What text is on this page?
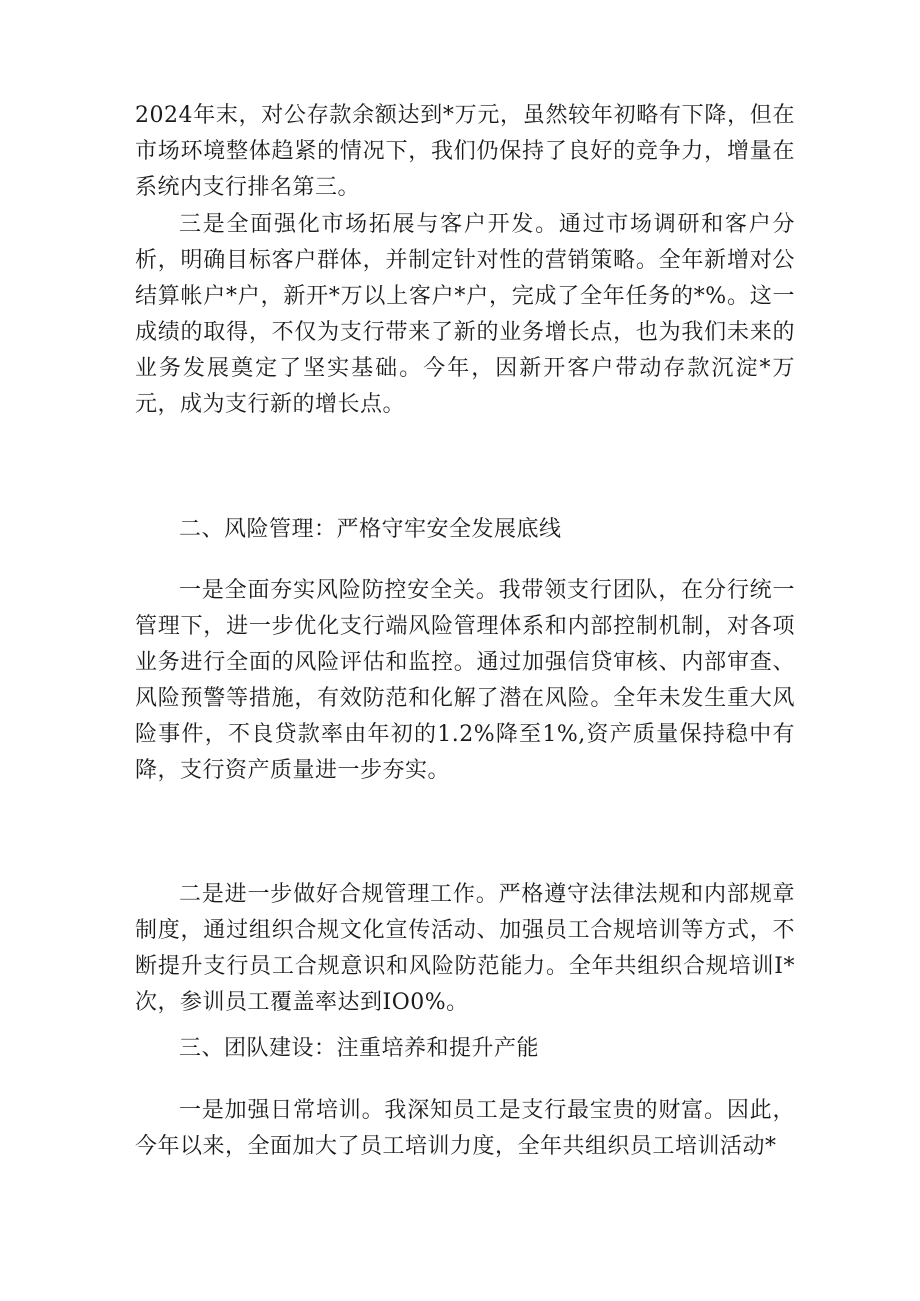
2024年末，对公存款余额达到*万元，虽然较年初略有下降，但在市场环境整体趋紧的情况下，我们仍保持了良好的竞争力，增量在系统内支行排名第三。

三是全面强化市场拓展与客户开发。通过市场调研和客户分析，明确目标客户群体，并制定针对性的营销策略。全年新增对公结算帐户*户，新开*万以上客户*户，完成了全年任务的*%。这一成绩的取得，不仅为支行带来了新的业务增长点，也为我们未来的业务发展奠定了坚实基础。今年，因新开客户带动存款沉淀*万元，成为支行新的增长点。

二、风险管理：严格守牢安全发展底线

一是全面夯实风险防控安全关。我带领支行团队，在分行统一管理下，进一步优化支行端风险管理体系和内部控制机制，对各项业务进行全面的风险评估和监控。通过加强信贷审核、内部审查、风险预警等措施，有效防范和化解了潜在风险。全年未发生重大风险事件，不良贷款率由年初的1.2%降至1%,资产质量保持稳中有降，支行资产质量进一步夯实。

二是进一步做好合规管理工作。严格遵守法律法规和内部规章制度，通过组织合规文化宣传活动、加强员工合规培训等方式，不断提升支行员工合规意识和风险防范能力。全年共组织合规培训I*次，参训员工覆盖率达到IO0%。

三、团队建设：注重培养和提升产能

一是加强日常培训。我深知员工是支行最宝贵的财富。因此，今年以来，全面加大了员工培训力度，全年共组织员工培训活动*
